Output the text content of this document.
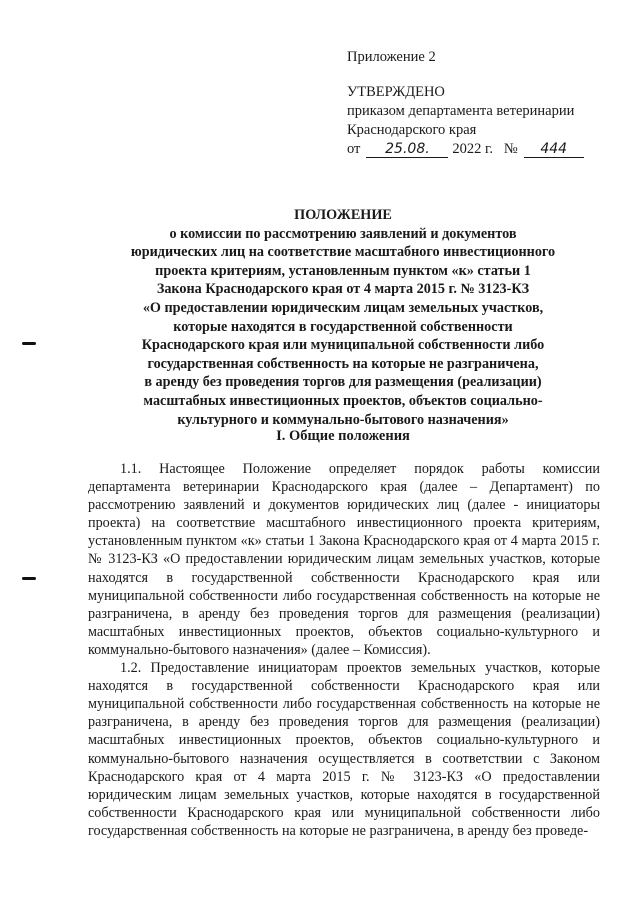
Приложение 2
УТВЕРЖДЕНО
приказом департамента ветеринарии
Краснодарского края
от 25.08. 2022 г. № 444
ПОЛОЖЕНИЕ
о комиссии по рассмотрению заявлений и документов
юридических лиц на соответствие масштабного инвестиционного
проекта критериям, установленным пунктом «к» статьи 1
Закона Краснодарского края от 4 марта 2015 г. № 3123-КЗ
«О предоставлении юридическим лицам земельных участков,
которые находятся в государственной собственности
Краснодарского края или муниципальной собственности либо
государственная собственность на которые не разграничена,
в аренду без проведения торгов для размещения (реализации)
масштабных инвестиционных проектов, объектов социально-
культурного и коммунально-бытового назначения»
I. Общие положения

1.1. Настоящее Положение определяет порядок работы комиссии департамента ветеринарии Краснодарского края (далее – Департамент) по рассмотрению заявлений и документов юридических лиц (далее - инициаторы проекта) на соответствие масштабного инвестиционного проекта критериям, установленным пунктом «к» статьи 1 Закона Краснодарского края от 4 марта 2015 г. № 3123-КЗ «О предоставлении юридическим лицам земельных участков, которые находятся в государственной собственности Краснодарского края или муниципальной собственности либо государственная собственность на которые не разграничена, в аренду без проведения торгов для размещения (реализации) масштабных инвестиционных проектов, объектов социально-культурного и коммунально-бытового назначения» (далее – Комиссия).

1.2. Предоставление инициаторам проектов земельных участков, которые находятся в государственной собственности Краснодарского края или муниципальной собственности либо государственная собственность на которые не разграничена, в аренду без проведения торгов для размещения (реализации) масштабных инвестиционных проектов, объектов социально-культурного и коммунально-бытового назначения осуществляется в соответствии с Законом Краснодарского края от 4 марта 2015 г. № 3123-КЗ «О предоставлении юридическим лицам земельных участков, которые находятся в государственной собственности Краснодарского края или муниципальной собственности либо государственная собственность на которые не разграничена, в аренду без проведе-
